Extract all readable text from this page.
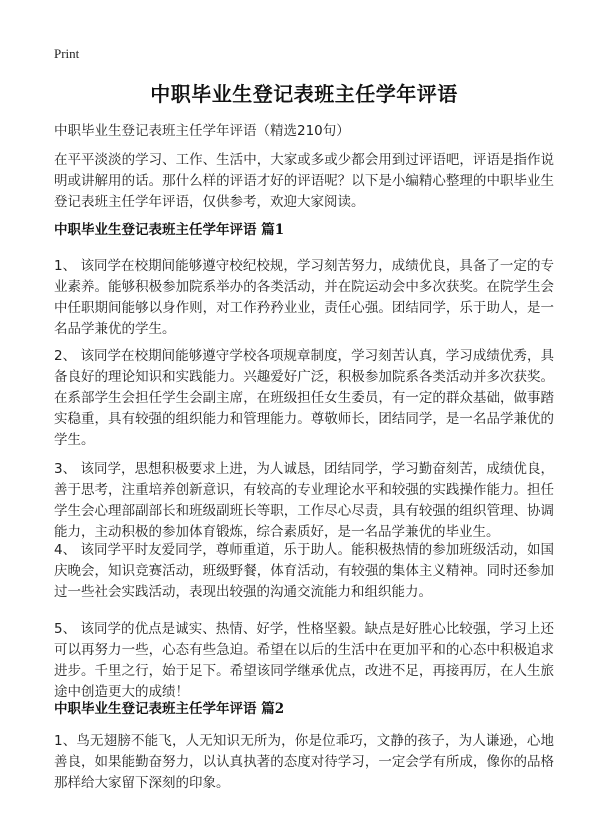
Print
中职毕业生登记表班主任学年评语
中职毕业生登记表班主任学年评语（精选210句）

在平平淡淡的学习、工作、生活中，大家或多或少都会用到过评语吧，评语是指作说明或讲解用的话。那什么样的评语才好的评语呢？以下是小编精心整理的中职毕业生登记表班主任学年评语，仅供参考，欢迎大家阅读。

中职毕业生登记表班主任学年评语 篇1

1、 该同学在校期间能够遵守校纪校规，学习刻苦努力，成绩优良，具备了一定的专业素养。能够积极参加院系举办的各类活动，并在院运动会中多次获奖。在院学生会中任职期间能够以身作则，对工作矜矜业业，责任心强。团结同学，乐于助人，是一名品学兼优的学生。

2、 该同学在校期间能够遵守学校各项规章制度，学习刻苦认真，学习成绩优秀，具备良好的理论知识和实践能力。兴趣爱好广泛，积极参加院系各类活动并多次获奖。在系部学生会担任学生会副主席，在班级担任女生委员，有一定的群众基础，做事踏实稳重，具有较强的组织能力和管理能力。尊敬师长，团结同学，是一名品学兼优的学生。

3、 该同学，思想积极要求上进，为人诚恳，团结同学，学习勤奋刻苦，成绩优良，善于思考，注重培养创新意识，有较高的专业理论水平和较强的实践操作能力。担任学生会心理部副部长和班级副班长等职，工作尽心尽责，具有较强的组织管理、协调能力，主动积极的参加体育锻炼，综合素质好，是一名品学兼优的毕业生。

4、 该同学平时友爱同学，尊师重道，乐于助人。能积极热情的参加班级活动，如国庆晚会，知识竞赛活动，班级野餐，体育活动，有较强的集体主义精神。同时还参加过一些社会实践活动，表现出较强的沟通交流能力和组织能力。

5、 该同学的优点是诚实、热情、好学，性格坚毅。缺点是好胜心比较强，学习上还可以再努力一些，心态有些急迫。希望在以后的生活中在更加平和的心态中积极追求进步。千里之行，始于足下。希望该同学继承优点，改进不足，再接再厉，在人生旅途中创造更大的成绩！

中职毕业生登记表班主任学年评语 篇2

1、鸟无翅膀不能飞，人无知识无所为，你是位乖巧，文静的孩子，为人谦逊，心地善良，如果能勤奋努力，以认真执著的态度对待学习，一定会学有所成，像你的品格那样给大家留下深刻的印象。
